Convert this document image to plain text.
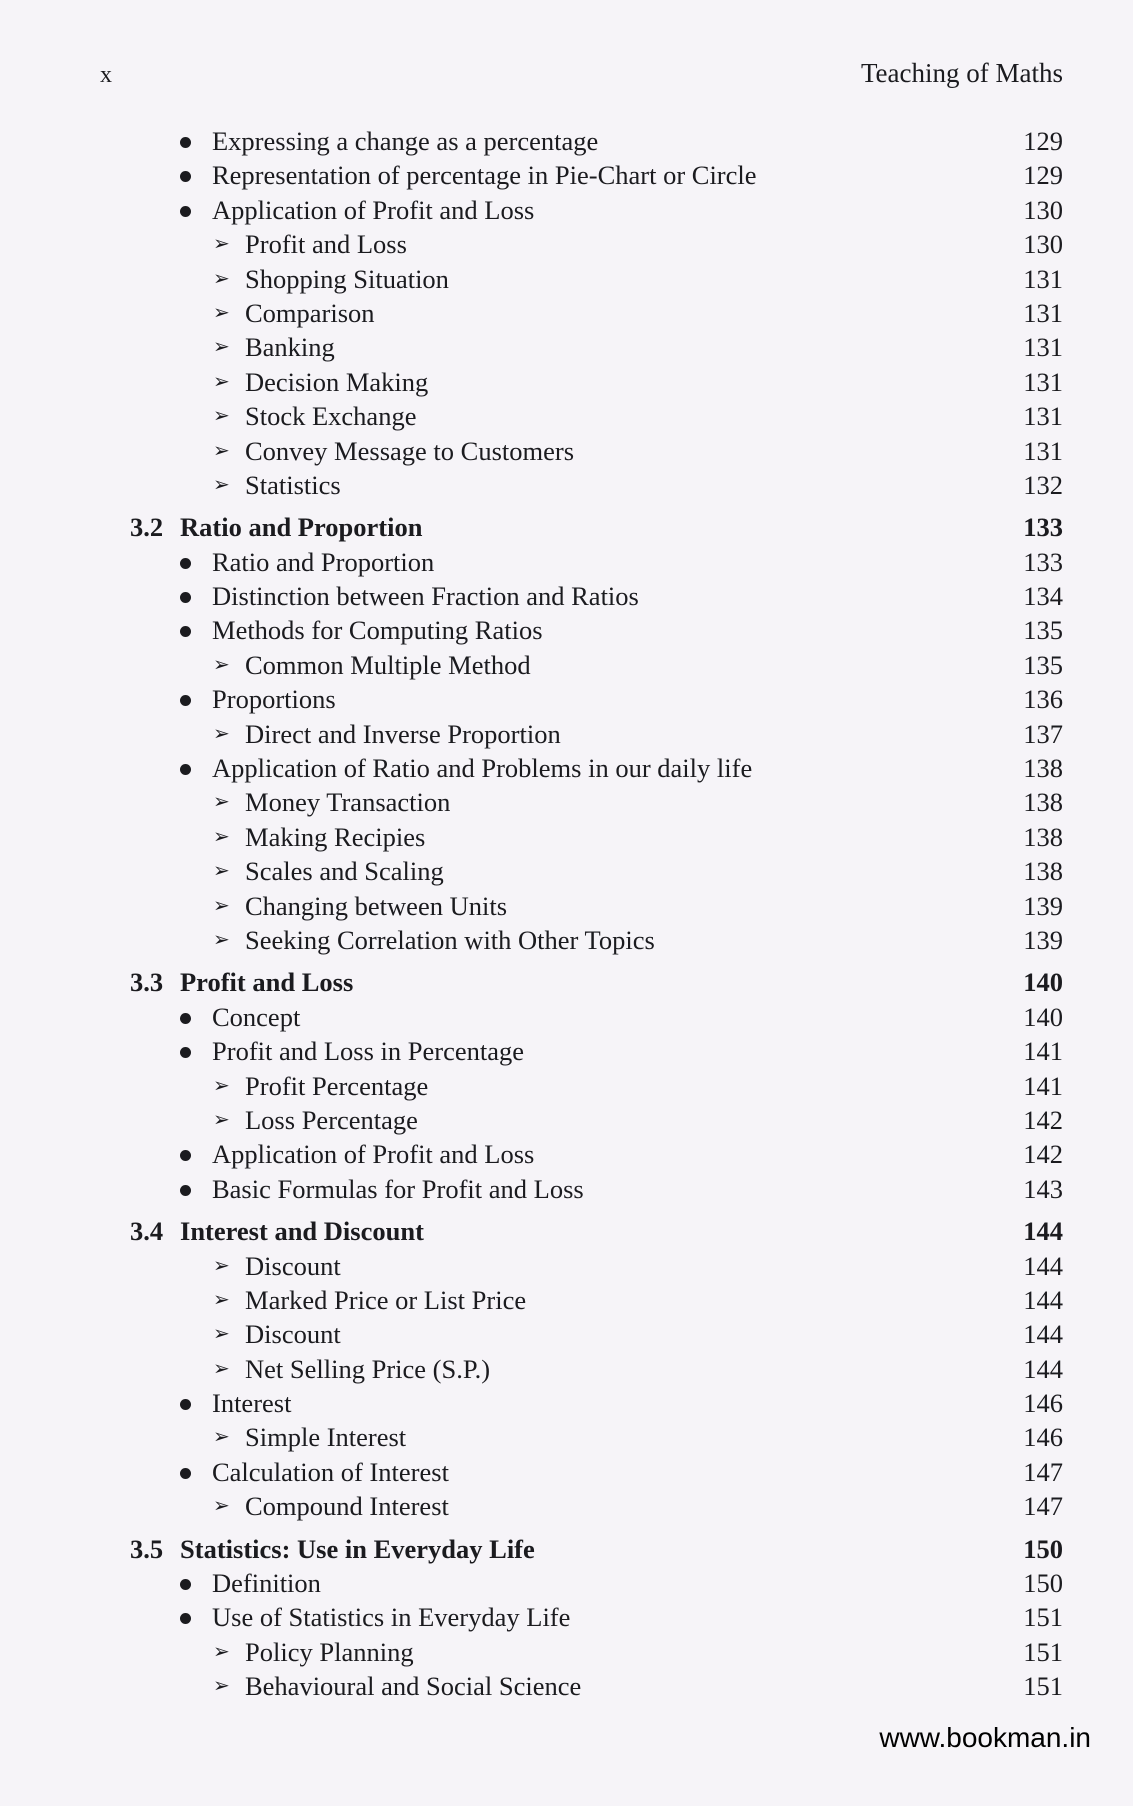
x	Teaching of Maths
Expressing a change as a percentage	129
Representation of percentage in Pie-Chart or Circle	129
Application of Profit and Loss	130
➢ Profit and Loss	130
➢ Shopping Situation	131
➢ Comparison	131
➢ Banking	131
➢ Decision Making	131
➢ Stock Exchange	131
➢ Convey Message to Customers	131
➢ Statistics	132
3.2 Ratio and Proportion	133
Ratio and Proportion	133
Distinction between Fraction and Ratios	134
Methods for Computing Ratios	135
➢ Common Multiple Method	135
Proportions	136
➢ Direct and Inverse Proportion	137
Application of Ratio and Problems in our daily life	138
➢ Money Transaction	138
➢ Making Recipies	138
➢ Scales and Scaling	138
➢ Changing between Units	139
➢ Seeking Correlation with Other Topics	139
3.3 Profit and Loss	140
Concept	140
Profit and Loss in Percentage	141
➢ Profit Percentage	141
➢ Loss Percentage	142
Application of Profit and Loss	142
Basic Formulas for Profit and Loss	143
3.4 Interest and Discount	144
➢ Discount	144
➢ Marked Price or List Price	144
➢ Discount	144
➢ Net Selling Price (S.P.)	144
Interest	146
➢ Simple Interest	146
Calculation of Interest	147
➢ Compound Interest	147
3.5 Statistics: Use in Everyday Life	150
Definition	150
Use of Statistics in Everyday Life	151
➢ Policy Planning	151
➢ Behavioural and Social Science	151
www.bookman.in
